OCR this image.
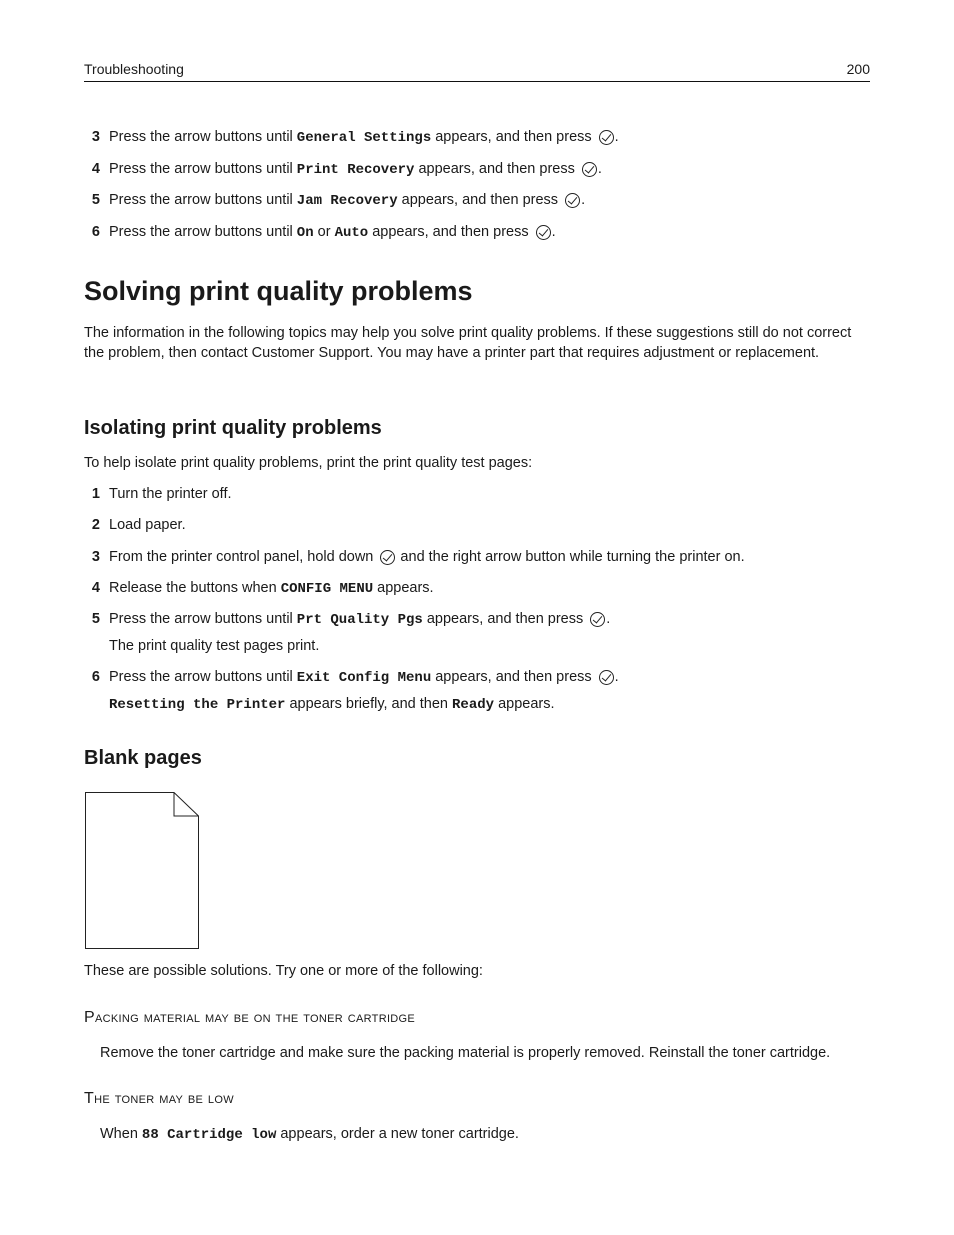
Troubleshooting	200
3 Press the arrow buttons until General Settings appears, and then press .
4 Press the arrow buttons until Print Recovery appears, and then press .
5 Press the arrow buttons until Jam Recovery appears, and then press .
6 Press the arrow buttons until On or Auto appears, and then press .
Solving print quality problems
The information in the following topics may help you solve print quality problems. If these suggestions still do not correct the problem, then contact Customer Support. You may have a printer part that requires adjustment or replacement.
Isolating print quality problems
To help isolate print quality problems, print the print quality test pages:
1 Turn the printer off.
2 Load paper.
3 From the printer control panel, hold down  and the right arrow button while turning the printer on.
4 Release the buttons when CONFIG MENU appears.
5 Press the arrow buttons until Prt Quality Pgs appears, and then press .
The print quality test pages print.
6 Press the arrow buttons until Exit Config Menu appears, and then press .
Resetting the Printer appears briefly, and then Ready appears.
Blank pages
These are possible solutions. Try one or more of the following:
Packing material may be on the toner cartridge
Remove the toner cartridge and make sure the packing material is properly removed. Reinstall the toner cartridge.
The toner may be low
When 88 Cartridge low appears, order a new toner cartridge.
